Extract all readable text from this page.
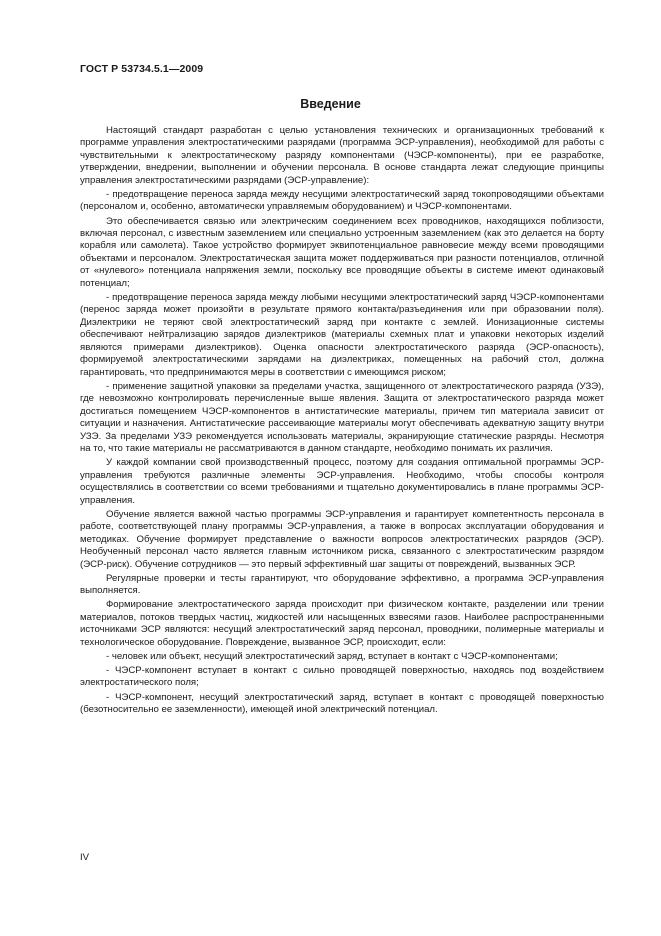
ГОСТ Р 53734.5.1—2009
Введение

Настоящий стандарт разработан с целью установления технических и организационных требований к программе управления электростатическими разрядами (программа ЭСР-управления), необходимой для работы с чувствительными к электростатическому разряду компонентами (ЧЭСР-компоненты), при ее разработке, утверждении, внедрении, выполнении и обучении персонала. В основе стандарта лежат следующие принципы управления электростатическими разрядами (ЭСР-управление):

- предотвращение переноса заряда между несущими электростатический заряд токопроводящими объектами (персоналом и, особенно, автоматически управляемым оборудованием) и ЧЭСР-компонентами.

Это обеспечивается связью или электрическим соединением всех проводников, находящихся поблизости, включая персонал, с известным заземлением или специально устроенным заземлением (как это делается на борту корабля или самолета). Такое устройство формирует эквипотенциальное равновесие между всеми проводящими объектами и персоналом. Электростатическая защита может поддерживаться при разности потенциалов, отличной от «нулевого» потенциала напряжения земли, поскольку все проводящие объекты в системе имеют одинаковый потенциал;

- предотвращение переноса заряда между любыми несущими электростатический заряд ЧЭСР-компонентами (перенос заряда может произойти в результате прямого контакта/разъединения или при образовании поля). Диэлектрики не теряют свой электростатический заряд при контакте с землей. Ионизационные системы обеспечивают нейтрализацию зарядов диэлектриков (материалы схемных плат и упаковки некоторых изделий являются примерами диэлектриков). Оценка опасности электростатического разряда (ЭСР-опасность), формируемой электростатическими зарядами на диэлектриках, помещенных на рабочий стол, должна гарантировать, что предпринимаются меры в соответствии с имеющимся риском;

- применение защитной упаковки за пределами участка, защищенного от электростатического разряда (УЗЭ), где невозможно контролировать перечисленные выше явления. Защита от электростатического разряда может достигаться помещением ЧЭСР-компонентов в антистатические материалы, причем тип материала зависит от ситуации и назначения. Антистатические рассеивающие материалы могут обеспечивать адекватную защиту внутри УЗЭ. За пределами УЗЭ рекомендуется использовать материалы, экранирующие статические разряды. Несмотря на то, что такие материалы не рассматриваются в данном стандарте, необходимо понимать их различия.

У каждой компании свой производственный процесс, поэтому для создания оптимальной программы ЭСР-управления требуются различные элементы ЭСР-управления. Необходимо, чтобы способы контроля осуществлялись в соответствии со всеми требованиями и тщательно документировались в плане программы ЭСР-управления.

Обучение является важной частью программы ЭСР-управления и гарантирует компетентность персонала в работе, соответствующей плану программы ЭСР-управления, а также в вопросах эксплуатации оборудования и методиках. Обучение формирует представление о важности вопросов электростатических разрядов (ЭСР). Необученный персонал часто является главным источником риска, связанного с электростатическим разрядом (ЭСР-риск). Обучение сотрудников — это первый эффективный шаг защиты от повреждений, вызванных ЭСР.

Регулярные проверки и тесты гарантируют, что оборудование эффективно, а программа ЭСР-управления выполняется.

Формирование электростатического заряда происходит при физическом контакте, разделении или трении материалов, потоков твердых частиц, жидкостей или насыщенных взвесями газов. Наиболее распространенными источниками ЭСР являются: несущий электростатический заряд персонал, проводники, полимерные материалы и технологическое оборудование. Повреждение, вызванное ЭСР, происходит, если:

- человек или объект, несущий электростатический заряд, вступает в контакт с ЧЭСР-компонентами;

- ЧЭСР-компонент вступает в контакт с сильно проводящей поверхностью, находясь под воздействием электростатического поля;

- ЧЭСР-компонент, несущий электростатический заряд, вступает в контакт с проводящей поверхностью (безотносительно ее заземленности), имеющей иной электрический потенциал.

IV
